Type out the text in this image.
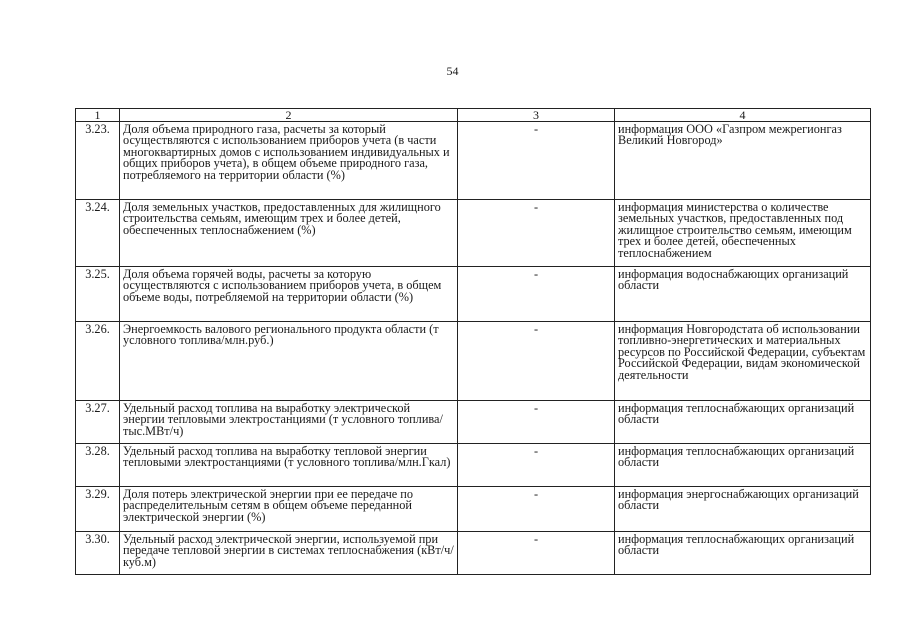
54
1	2	3	4
3.23.	Доля объема природного газа, расчеты за который осуществляются с использованием приборов учета (в части многоквартирных домов с использованием индивидуальных и общих приборов учета), в общем объеме природного газа, потребляемого на территории области (%)	-	информация ООО «Газпром межрегионгаз Великий Новгород»
3.24.	Доля земельных участков, предоставленных для жилищного строительства семьям, имеющим трех и более детей, обеспеченных теплоснабжением (%)	-	информация министерства о количестве земельных участков, предоставленных под жилищное строительство семьям, имеющим трех и более детей, обеспеченных теплоснабжением
3.25.	Доля объема горячей воды, расчеты за которую осуществляются с использованием приборов учета, в общем объеме воды, потребляемой на территории области (%)	-	информация водоснабжающих организаций области
3.26.	Энергоемкость валового регионального продукта области (т условного топлива/млн.руб.)	-	информация Новгородстата об использовании топливно-энергетических и материальных ресурсов по Российской Федерации, субъектам Российской Федерации, видам экономической деятельности
3.27.	Удельный расход топлива на выработку электрической энергии тепловыми электростанциями (т условного топлива/тыс.МВт/ч)	-	информация теплоснабжающих организаций области
3.28.	Удельный расход топлива на выработку тепловой энергии тепловыми электростанциями (т условного топлива/млн.Гкал)	-	информация теплоснабжающих организаций области
3.29.	Доля потерь электрической энергии при ее передаче по распределительным сетям в общем объеме переданной электрической энергии (%)	-	информация энергоснабжающих организаций области
3.30.	Удельный расход электрической энергии, используемой при передаче тепловой энергии в системах теплоснабжения (кВт/ч/куб.м)	-	информация теплоснабжающих организаций области
